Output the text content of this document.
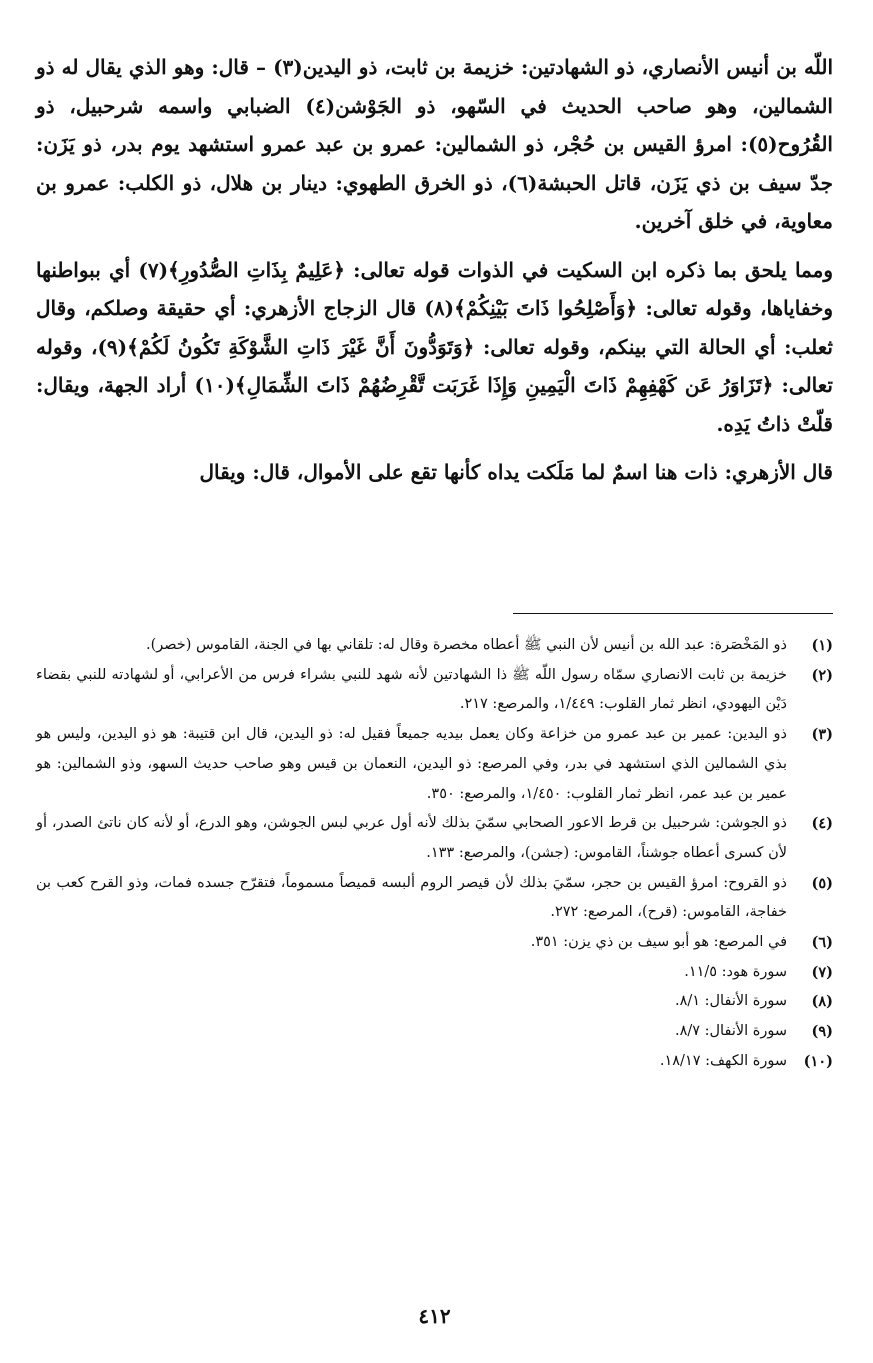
اللّه بن أنيس الأنصاري، ذو الشهادتين: خزيمة بن ثابت، ذو اليدين(٣) – قال: وهو الذي يقال له ذو الشمالين، وهو صاحب الحديث في السّهو، ذو الجَوْشن(٤) الضبابي واسمه شرحبيل، ذو القُرُوح(٥): امرؤ القيس بن حُجْر، ذو الشمالين: عمرو بن عبد عمرو استشهد يوم بدر، ذو يَزَن: جدّ سيف بن ذي يَزَن، قاتل الحبشة(٦)، ذو الخرق الطهوي: دينار بن هلال، ذو الكلب: عمرو بن معاوية، في خلق آخرين.

ومما يلحق بما ذكره ابن السكيت في الذوات قوله تعالى: ﴿عَلِيمٌ بِذَاتِ الصُّدُورِ﴾(٧) أي ببواطنها وخفاياها، وقوله تعالى: ﴿وَأَصْلِحُوا ذَاتَ بَيْنِكُمْ﴾(٨) قال الزجاج الأزهري: أي حقيقة وصلكم، وقال ثعلب: أي الحالة التي بينكم، وقوله تعالى: ﴿وَتَوَدُّونَ أَنَّ غَيْرَ ذَاتِ الشَّوْكَةِ تَكُونُ لَكُمْ﴾(٩)، وقوله تعالى: ﴿تَزَاوَرُ عَن كَهْفِهِمْ ذَاتَ الْيَمِينِ وَإِذَا غَرَبَت تَّقْرِضُهُمْ ذَاتَ الشِّمَالِ﴾(١٠) أراد الجهة، ويقال: قلّتْ ذاتُ يَدِه.

قال الأزهري: ذات هنا اسمٌ لما مَلَكت يداه كأنها تقع على الأموال، قال: ويقال

(١)
ذو المَخْصَرة: عبد الله بن أنيس لأن النبي ﷺ أعطاه مخصرة وقال له: تلقاني بها في الجنة، القاموس (خصر).
(٢)
خزيمة بن ثابت الانصاري سمّاه رسول اللّه ﷺ ذا الشهادتين لأنه شهد للنبي بشراء فرس من الأعرابي، أو لشهادته للنبي بقضاء دَيْن اليهودي، انظر ثمار القلوب: ١/٤٤٩، والمرصع: ٢١٧.
(٣)
ذو اليدين: عمير بن عبد عمرو من خزاعة وكان يعمل بيديه جميعاً فقيل له: ذو اليدين، قال ابن قتيبة: هو ذو اليدين، وليس هو بذي الشمالين الذي استشهد في بدر، وفي المرصع: ذو اليدين، النعمان بن قيس وهو صاحب حديث السهو، وذو الشمالين: هو عمير بن عبد عمر، انظر ثمار القلوب: ١/٤٥٠، والمرصع: ٣٥٠.
(٤)
ذو الجوشن: شرحبيل بن قرط الاعور الصحابي سمّيَ بذلك لأنه أول عربي لبس الجوشن، وهو الدرع، أو لأنه كان ناتئ الصدر، أو لأن كسرى أعطاه جوشناً، القاموس: (جشن)، والمرصع: ١٣٣.
(٥)
ذو القروح: امرؤ القيس بن حجر، سمّيَ بذلك لأن قيصر الروم ألبسه قميصاً مسموماً، فتقرّح جسده فمات، وذو القرح كعب بن خفاجة، القاموس: (قرح)، المرصع: ٢٧٢.
(٦)
في المرصع: هو أبو سيف بن ذي يزن: ٣٥١.
(٧)
سورة هود: ١١/٥.
(٨)
سورة الأنفال: ٨/١.
(٩)
سورة الأنفال: ٨/٧.
(١٠)
سورة الكهف: ١٨/١٧.
٤١٢
